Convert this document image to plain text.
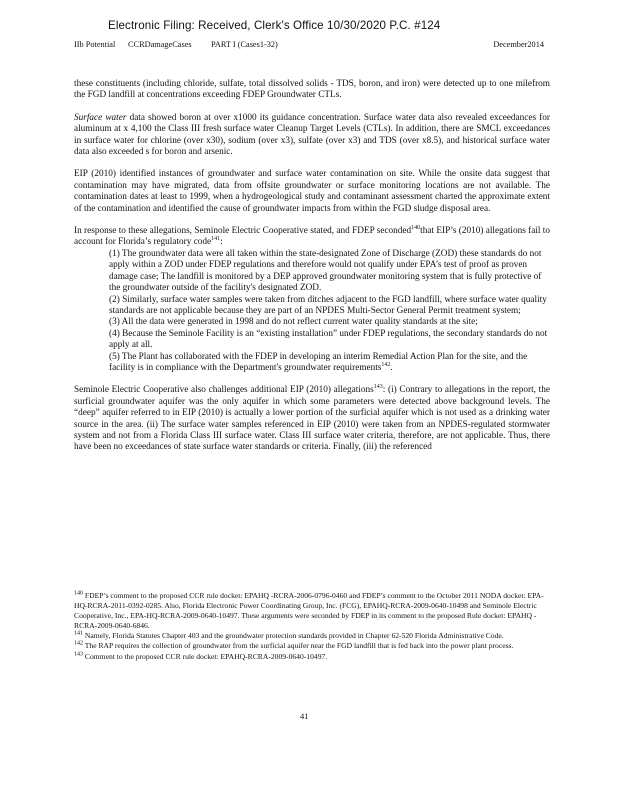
Electronic Filing: Received, Clerk's Office 10/30/2020 P.C. #124
IIb Potential CCRDamageCases PART I (Cases1-32)	December2014

these constituents (including chloride, sulfate, total dissolved solids - TDS, boron, and iron) were detected up to one milefrom the FGD landfill at concentrations exceeding FDEP Groundwater CTLs.

Surface water data showed boron at over x1000 its guidance concentration. Surface water data also revealed exceedances for aluminum at x 4,100 the Class III fresh surface water Cleanup Target Levels (CTLs). In addition, there are SMCL exceedances in surface water for chlorine (over x30), sodium (over x3), sulfate (over x3) and TDS (over x8.5), and historical surface water data also exceeded s for boron and arsenic.

EIP (2010) identified instances of groundwater and surface water contamination on site. While the onsite data suggest that contamination may have migrated, data from offsite groundwater or surface monitoring locations are not available. The contamination dates at least to 1999, when a hydrogeological study and contaminant assessment charted the approximate extent of the contamination and identified the cause of groundwater impacts from within the FGD sludge disposal area.

In response to these allegations, Seminole Electric Cooperative stated, and FDEP seconded$^{140}$that EIP’s (2010) allegations fail to account for Florida’s regulatory code$^{141}$:

(1) The groundwater data were all taken within the state-designated Zone of Discharge (ZOD) these standards do not apply within a ZOD under FDEP regulations and therefore would not qualify under EPA’s test of proof as proven damage case; The landfill is monitored by a DEP approved groundwater monitoring system that is fully protective of the groundwater outside of the facility's designated ZOD.

(2) Similarly, surface water samples were taken from ditches adjacent to the FGD landfill, where surface water quality standards are not applicable because they are part of an NPDES Multi-Sector General Permit treatment system;

(3) All the data were generated in 1998 and do not reflect current water quality standards at the site;

(4) Because the Seminole Facility is an “existing installation” under FDEP regulations, the secondary standards do not apply at all.

(5) The Plant has collaborated with the FDEP in developing an interim Remedial Action Plan for the site, and the facility is in compliance with the Department's groundwater requirements$^{142}$.

Seminole Electric Cooperative also challenges additional EIP (2010) allegations$^{143}$: (i) Contrary to allegations in the report, the surficial groundwater aquifer was the only aquifer in which some parameters were detected above background levels. The “deep” aquifer referred to in EIP (2010) is actually a lower portion of the surficial aquifer which is not used as a drinking water source in the area. (ii) The surface water samples referenced in EIP (2010) were taken from an NPDES-regulated stormwater system and not from a Florida Class III surface water. Class III surface water criteria, therefore, are not applicable. Thus, there have been no exceedances of state surface water standards or criteria. Finally, (iii) the referenced

$^{140}$ FDEP’s comment to the proposed CCR rule docket: EPAHQ -RCRA-2006-0796-0460 and FDEP’s comment to the October 2011 NODA docket: EPA-HQ-RCRA-2011-0392-0285. Also, Florida Electronic Power Coordinating Group, Inc. (FCG), EPAHQ-RCRA-2009-0640-10498 and Seminole Electric Cooperative, Inc., EPA-HQ-RCRA-2009-0640-10497. These arguments were seconded by FDEP in its comment to the proposed Rule docket: EPAHQ -RCRA-2009-0640-6846.

$^{141}$ Namely, Florida Statutes Chapter 403 and the groundwater protection standards provided in Chapter 62-520 Florida Administrative Code.

$^{142}$ The RAP requires the collection of groundwater from the surficial aquifer near the FGD landfill that is fed back into the power plant process.

$^{143}$ Comment to the proposed CCR rule docket: EPAHQ-RCRA-2009-0640-10497.

41
